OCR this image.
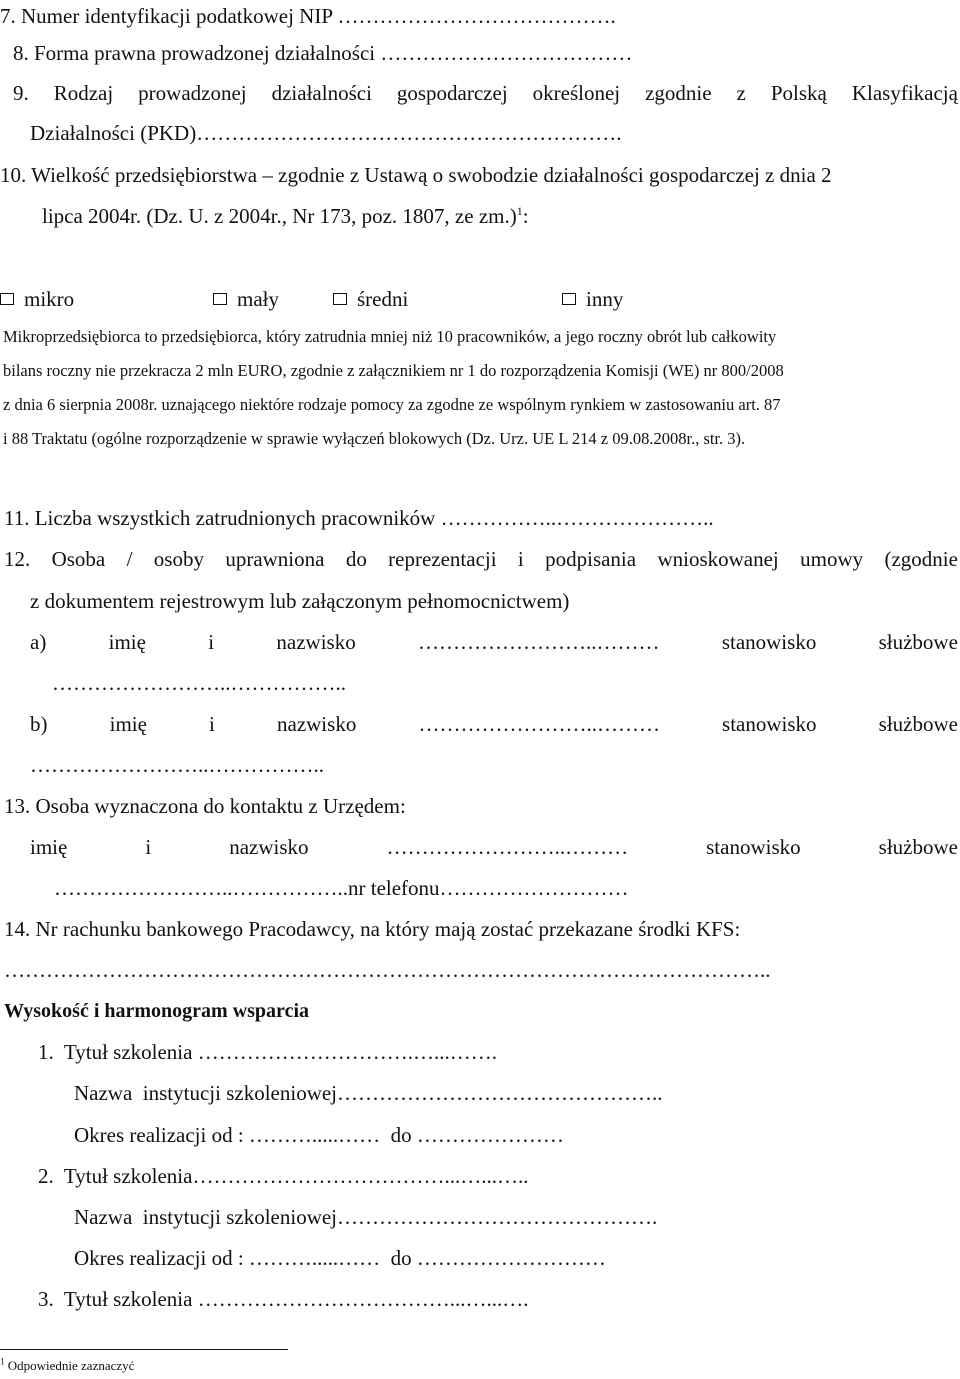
7. Numer identyfikacji podatkowej NIP ………………………………….
8. Forma prawna prowadzonej działalności ………………………………
9. Rodzaj prowadzonej działalności gospodarczej określonej zgodnie z Polską Klasyfikacją
Działalności (PKD)…………………………………………………….
10. Wielkość przedsiębiorstwa – zgodnie z Ustawą o swobodzie działalności gospodarczej z dnia 2
lipca 2004r. (Dz. U. z 2004r., Nr 173, poz. 1807, ze zm.)$^1$:
mikro	mały	średni	inny
Mikroprzedsiębiorca to przedsiębiorca, który zatrudnia mniej niż 10 pracowników, a jego roczny obrót lub całkowity
bilans roczny nie przekracza 2 mln EURO, zgodnie z załącznikiem nr 1 do rozporządzenia Komisji (WE) nr 800/2008
z dnia 6 sierpnia 2008r. uznającego niektóre rodzaje pomocy za zgodne ze wspólnym rynkiem w zastosowaniu art. 87
i 88 Traktatu (ogólne rozporządzenie w sprawie wyłączeń blokowych (Dz. Urz. UE L 214 z 09.08.2008r., str. 3).
11. Liczba wszystkich zatrudnionych pracowników ……………..…………………..
12. Osoba / osoby uprawniona do reprezentacji i podpisania wnioskowanej umowy (zgodnie
z dokumentem rejestrowym lub załączonym pełnomocnictwem)
a)	imię	i	nazwisko	……………………..………	stanowisko	służbowe
……………………..……………..
b)	imię	i	nazwisko	……………………..………	stanowisko	służbowe
……………………..……………..
13. Osoba wyznaczona do kontaktu z Urzędem:
imię	i	nazwisko	……………………..………	stanowisko	służbowe
……………………..……………..nr telefonu………………………
14. Nr rachunku bankowego Pracodawcy, na który mają zostać przekazane środki KFS:
………………………………………………………………………………………………..
Wysokość i harmonogram wsparcia
1.  Tytuł szkolenia ………………………….…...…….
Nazwa  instytucji szkoleniowej………………………………………..
Okres realizacji od : ……….....……  do …………………
2.  Tytuł szkolenia………………………………...…...…..
Nazwa  instytucji szkoleniowej……………………………………….
Okres realizacji od : ……….....……  do ………………………
3.  Tytuł szkolenia ………………………………...…...….
$^1$ Odpowiednie zaznaczyć
